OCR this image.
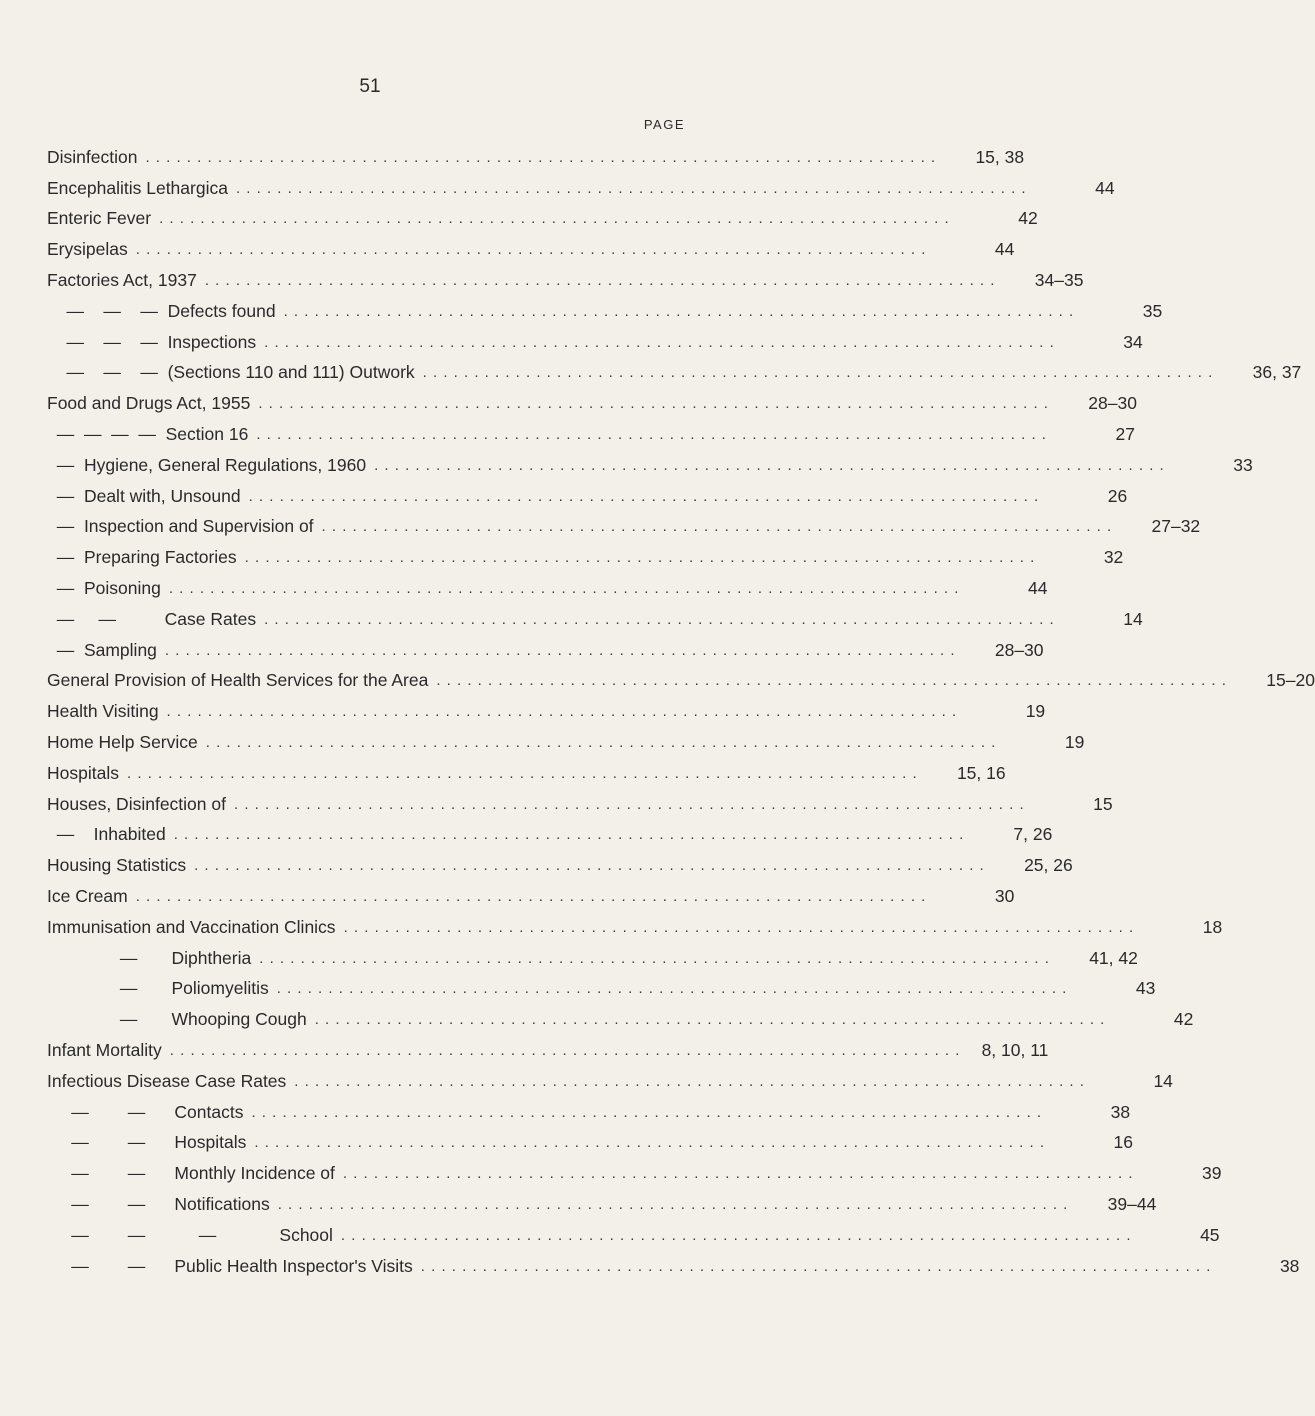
51
PAGE
Disinfection . . . . . . . . . . . . . . . . . . . . . . . . . . . . . . . . . . . . . . . . . . . . . . . . . . . . . . . . . . . . . . . . . . . . . . . . . . . . .	15, 38
Encephalitis Lethargica . . . . . . . . . . . . . . . . . . . . . . . . . . . . . . . . . . . . . . . . . . . . . . . . . . . . . . . . . . . . . . . . . . . . . . . . . . . . .	44
Enteric Fever . . . . . . . . . . . . . . . . . . . . . . . . . . . . . . . . . . . . . . . . . . . . . . . . . . . . . . . . . . . . . . . . . . . . . . . . . . . . .	42
Erysipelas . . . . . . . . . . . . . . . . . . . . . . . . . . . . . . . . . . . . . . . . . . . . . . . . . . . . . . . . . . . . . . . . . . . . . . . . . . . . .	44
Factories Act, 1937 . . . . . . . . . . . . . . . . . . . . . . . . . . . . . . . . . . . . . . . . . . . . . . . . . . . . . . . . . . . . . . . . . . . . . . . . . . . . .	34–35
—    —    —  Defects found . . . . . . . . . . . . . . . . . . . . . . . . . . . . . . . . . . . . . . . . . . . . . . . . . . . . . . . . . . . . . . . . . . . . . . . . . . . . .	35
—    —    —  Inspections . . . . . . . . . . . . . . . . . . . . . . . . . . . . . . . . . . . . . . . . . . . . . . . . . . . . . . . . . . . . . . . . . . . . . . . . . . . . .	34
—    —    —  (Sections 110 and 111) Outwork . . . . . . . . . . . . . . . . . . . . . . . . . . . . . . . . . . . . . . . . . . . . . . . . . . . . . . . . . . . . . . . . . . . . . . . . . . . . .	36, 37
Food and Drugs Act, 1955 . . . . . . . . . . . . . . . . . . . . . . . . . . . . . . . . . . . . . . . . . . . . . . . . . . . . . . . . . . . . . . . . . . . . . . . . . . . . .	28–30
—  —  —  —  Section 16 . . . . . . . . . . . . . . . . . . . . . . . . . . . . . . . . . . . . . . . . . . . . . . . . . . . . . . . . . . . . . . . . . . . . . . . . . . . . .	27
—  Hygiene, General Regulations, 1960 . . . . . . . . . . . . . . . . . . . . . . . . . . . . . . . . . . . . . . . . . . . . . . . . . . . . . . . . . . . . . . . . . . . . . . . . . . . . .	33
—  Dealt with, Unsound . . . . . . . . . . . . . . . . . . . . . . . . . . . . . . . . . . . . . . . . . . . . . . . . . . . . . . . . . . . . . . . . . . . . . . . . . . . . .	26
—  Inspection and Supervision of . . . . . . . . . . . . . . . . . . . . . . . . . . . . . . . . . . . . . . . . . . . . . . . . . . . . . . . . . . . . . . . . . . . . . . . . . . . . .	27–32
—  Preparing Factories . . . . . . . . . . . . . . . . . . . . . . . . . . . . . . . . . . . . . . . . . . . . . . . . . . . . . . . . . . . . . . . . . . . . . . . . . . . . .	32
—  Poisoning . . . . . . . . . . . . . . . . . . . . . . . . . . . . . . . . . . . . . . . . . . . . . . . . . . . . . . . . . . . . . . . . . . . . . . . . . . . . .	44
—     —          Case Rates . . . . . . . . . . . . . . . . . . . . . . . . . . . . . . . . . . . . . . . . . . . . . . . . . . . . . . . . . . . . . . . . . . . . . . . . . . . . .	14
—  Sampling . . . . . . . . . . . . . . . . . . . . . . . . . . . . . . . . . . . . . . . . . . . . . . . . . . . . . . . . . . . . . . . . . . . . . . . . . . . . .	28–30
General Provision of Health Services for the Area . . . . . . . . . . . . . . . . . . . . . . . . . . . . . . . . . . . . . . . . . . . . . . . . . . . . . . . . . . . . . . . . . . . . . . . . . . . . .	15–20
Health Visiting . . . . . . . . . . . . . . . . . . . . . . . . . . . . . . . . . . . . . . . . . . . . . . . . . . . . . . . . . . . . . . . . . . . . . . . . . . . . .	19
Home Help Service . . . . . . . . . . . . . . . . . . . . . . . . . . . . . . . . . . . . . . . . . . . . . . . . . . . . . . . . . . . . . . . . . . . . . . . . . . . . .	19
Hospitals . . . . . . . . . . . . . . . . . . . . . . . . . . . . . . . . . . . . . . . . . . . . . . . . . . . . . . . . . . . . . . . . . . . . . . . . . . . . .	15, 16
Houses, Disinfection of . . . . . . . . . . . . . . . . . . . . . . . . . . . . . . . . . . . . . . . . . . . . . . . . . . . . . . . . . . . . . . . . . . . . . . . . . . . . .	15
—    Inhabited . . . . . . . . . . . . . . . . . . . . . . . . . . . . . . . . . . . . . . . . . . . . . . . . . . . . . . . . . . . . . . . . . . . . . . . . . . . . .	7, 26
Housing Statistics . . . . . . . . . . . . . . . . . . . . . . . . . . . . . . . . . . . . . . . . . . . . . . . . . . . . . . . . . . . . . . . . . . . . . . . . . . . . .	25, 26
Ice Cream . . . . . . . . . . . . . . . . . . . . . . . . . . . . . . . . . . . . . . . . . . . . . . . . . . . . . . . . . . . . . . . . . . . . . . . . . . . . .	30
Immunisation and Vaccination Clinics . . . . . . . . . . . . . . . . . . . . . . . . . . . . . . . . . . . . . . . . . . . . . . . . . . . . . . . . . . . . . . . . . . . . . . . . . . . . .	18
—       Diphtheria . . . . . . . . . . . . . . . . . . . . . . . . . . . . . . . . . . . . . . . . . . . . . . . . . . . . . . . . . . . . . . . . . . . . . . . . . . . . .	41, 42
—       Poliomyelitis . . . . . . . . . . . . . . . . . . . . . . . . . . . . . . . . . . . . . . . . . . . . . . . . . . . . . . . . . . . . . . . . . . . . . . . . . . . . .	43
—       Whooping Cough . . . . . . . . . . . . . . . . . . . . . . . . . . . . . . . . . . . . . . . . . . . . . . . . . . . . . . . . . . . . . . . . . . . . . . . . . . . . .	42
Infant Mortality . . . . . . . . . . . . . . . . . . . . . . . . . . . . . . . . . . . . . . . . . . . . . . . . . . . . . . . . . . . . . . . . . . . . . . . . . . . . .	8, 10, 11
Infectious Disease Case Rates . . . . . . . . . . . . . . . . . . . . . . . . . . . . . . . . . . . . . . . . . . . . . . . . . . . . . . . . . . . . . . . . . . . . . . . . . . . . .	14
—        —      Contacts . . . . . . . . . . . . . . . . . . . . . . . . . . . . . . . . . . . . . . . . . . . . . . . . . . . . . . . . . . . . . . . . . . . . . . . . . . . . .	38
—        —      Hospitals . . . . . . . . . . . . . . . . . . . . . . . . . . . . . . . . . . . . . . . . . . . . . . . . . . . . . . . . . . . . . . . . . . . . . . . . . . . . .	16
—        —      Monthly Incidence of . . . . . . . . . . . . . . . . . . . . . . . . . . . . . . . . . . . . . . . . . . . . . . . . . . . . . . . . . . . . . . . . . . . . . . . . . . . . .	39
—        —      Notifications . . . . . . . . . . . . . . . . . . . . . . . . . . . . . . . . . . . . . . . . . . . . . . . . . . . . . . . . . . . . . . . . . . . . . . . . . . . . .	39–44
—        —           —             School . . . . . . . . . . . . . . . . . . . . . . . . . . . . . . . . . . . . . . . . . . . . . . . . . . . . . . . . . . . . . . . . . . . . . . . . . . . . .	45
—        —      Public Health Inspector's Visits . . . . . . . . . . . . . . . . . . . . . . . . . . . . . . . . . . . . . . . . . . . . . . . . . . . . . . . . . . . . . . . . . . . . . . . . . . . . .	38
